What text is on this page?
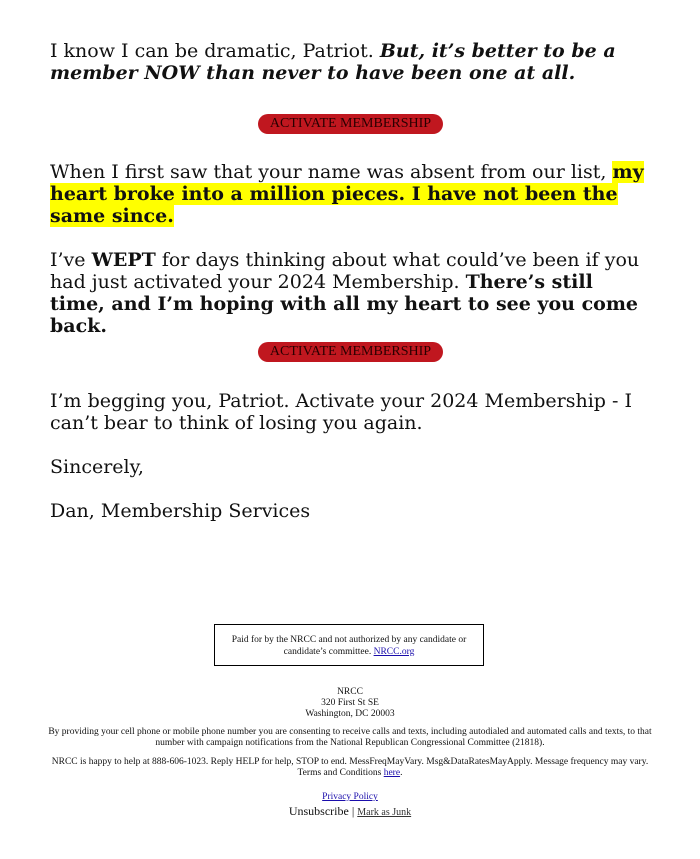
I know I can be dramatic, Patriot. But, it’s better to be a member NOW than never to have been one at all.

ACTIVATE MEMBERSHIP

When I first saw that your name was absent from our list, my heart broke into a million pieces. I have not been the same since.

I’ve WEPT for days thinking about what could’ve been if you had just activated your 2024 Membership. There’s still time, and I’m hoping with all my heart to see you come back.

ACTIVATE MEMBERSHIP

I’m begging you, Patriot. Activate your 2024 Membership - I can’t bear to think of losing you again.

Sincerely,

Dan, Membership Services

Paid for by the NRCC and not authorized by any candidate or candidate’s committee. NRCC.org
NRCC
320 First St SE
Washington, DC 20003
By providing your cell phone or mobile phone number you are consenting to receive calls and texts, including autodialed and automated calls and texts, to that number with campaign notifications from the National Republican Congressional Committee (21818).
NRCC is happy to help at 888-606-1023. Reply HELP for help, STOP to end. MessFreqMayVary. Msg&DataRatesMayApply. Message frequency may vary. Terms and Conditions here.
Privacy Policy
Unsubscribe | Mark as Junk
